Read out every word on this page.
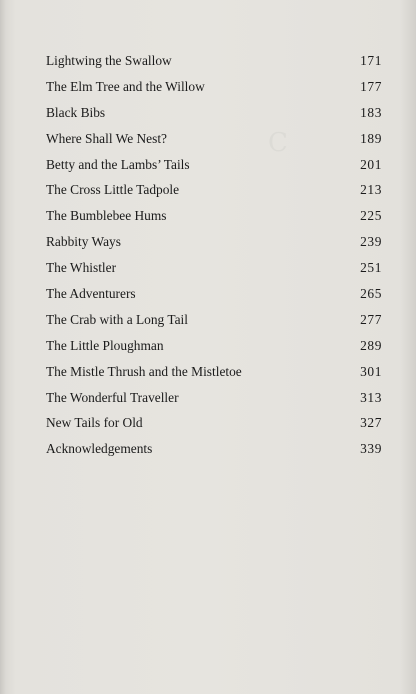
Lightwing the Swallow	171
The Elm Tree and the Willow	177
Black Bibs	183
Where Shall We Nest?	189
Betty and the Lambs’ Tails	201
The Cross Little Tadpole	213
The Bumblebee Hums	225
Rabbity Ways	239
The Whistler	251
The Adventurers	265
The Crab with a Long Tail	277
The Little Ploughman	289
The Mistle Thrush and the Mistletoe	301
The Wonderful Traveller	313
New Tails for Old	327
Acknowledgements	339
